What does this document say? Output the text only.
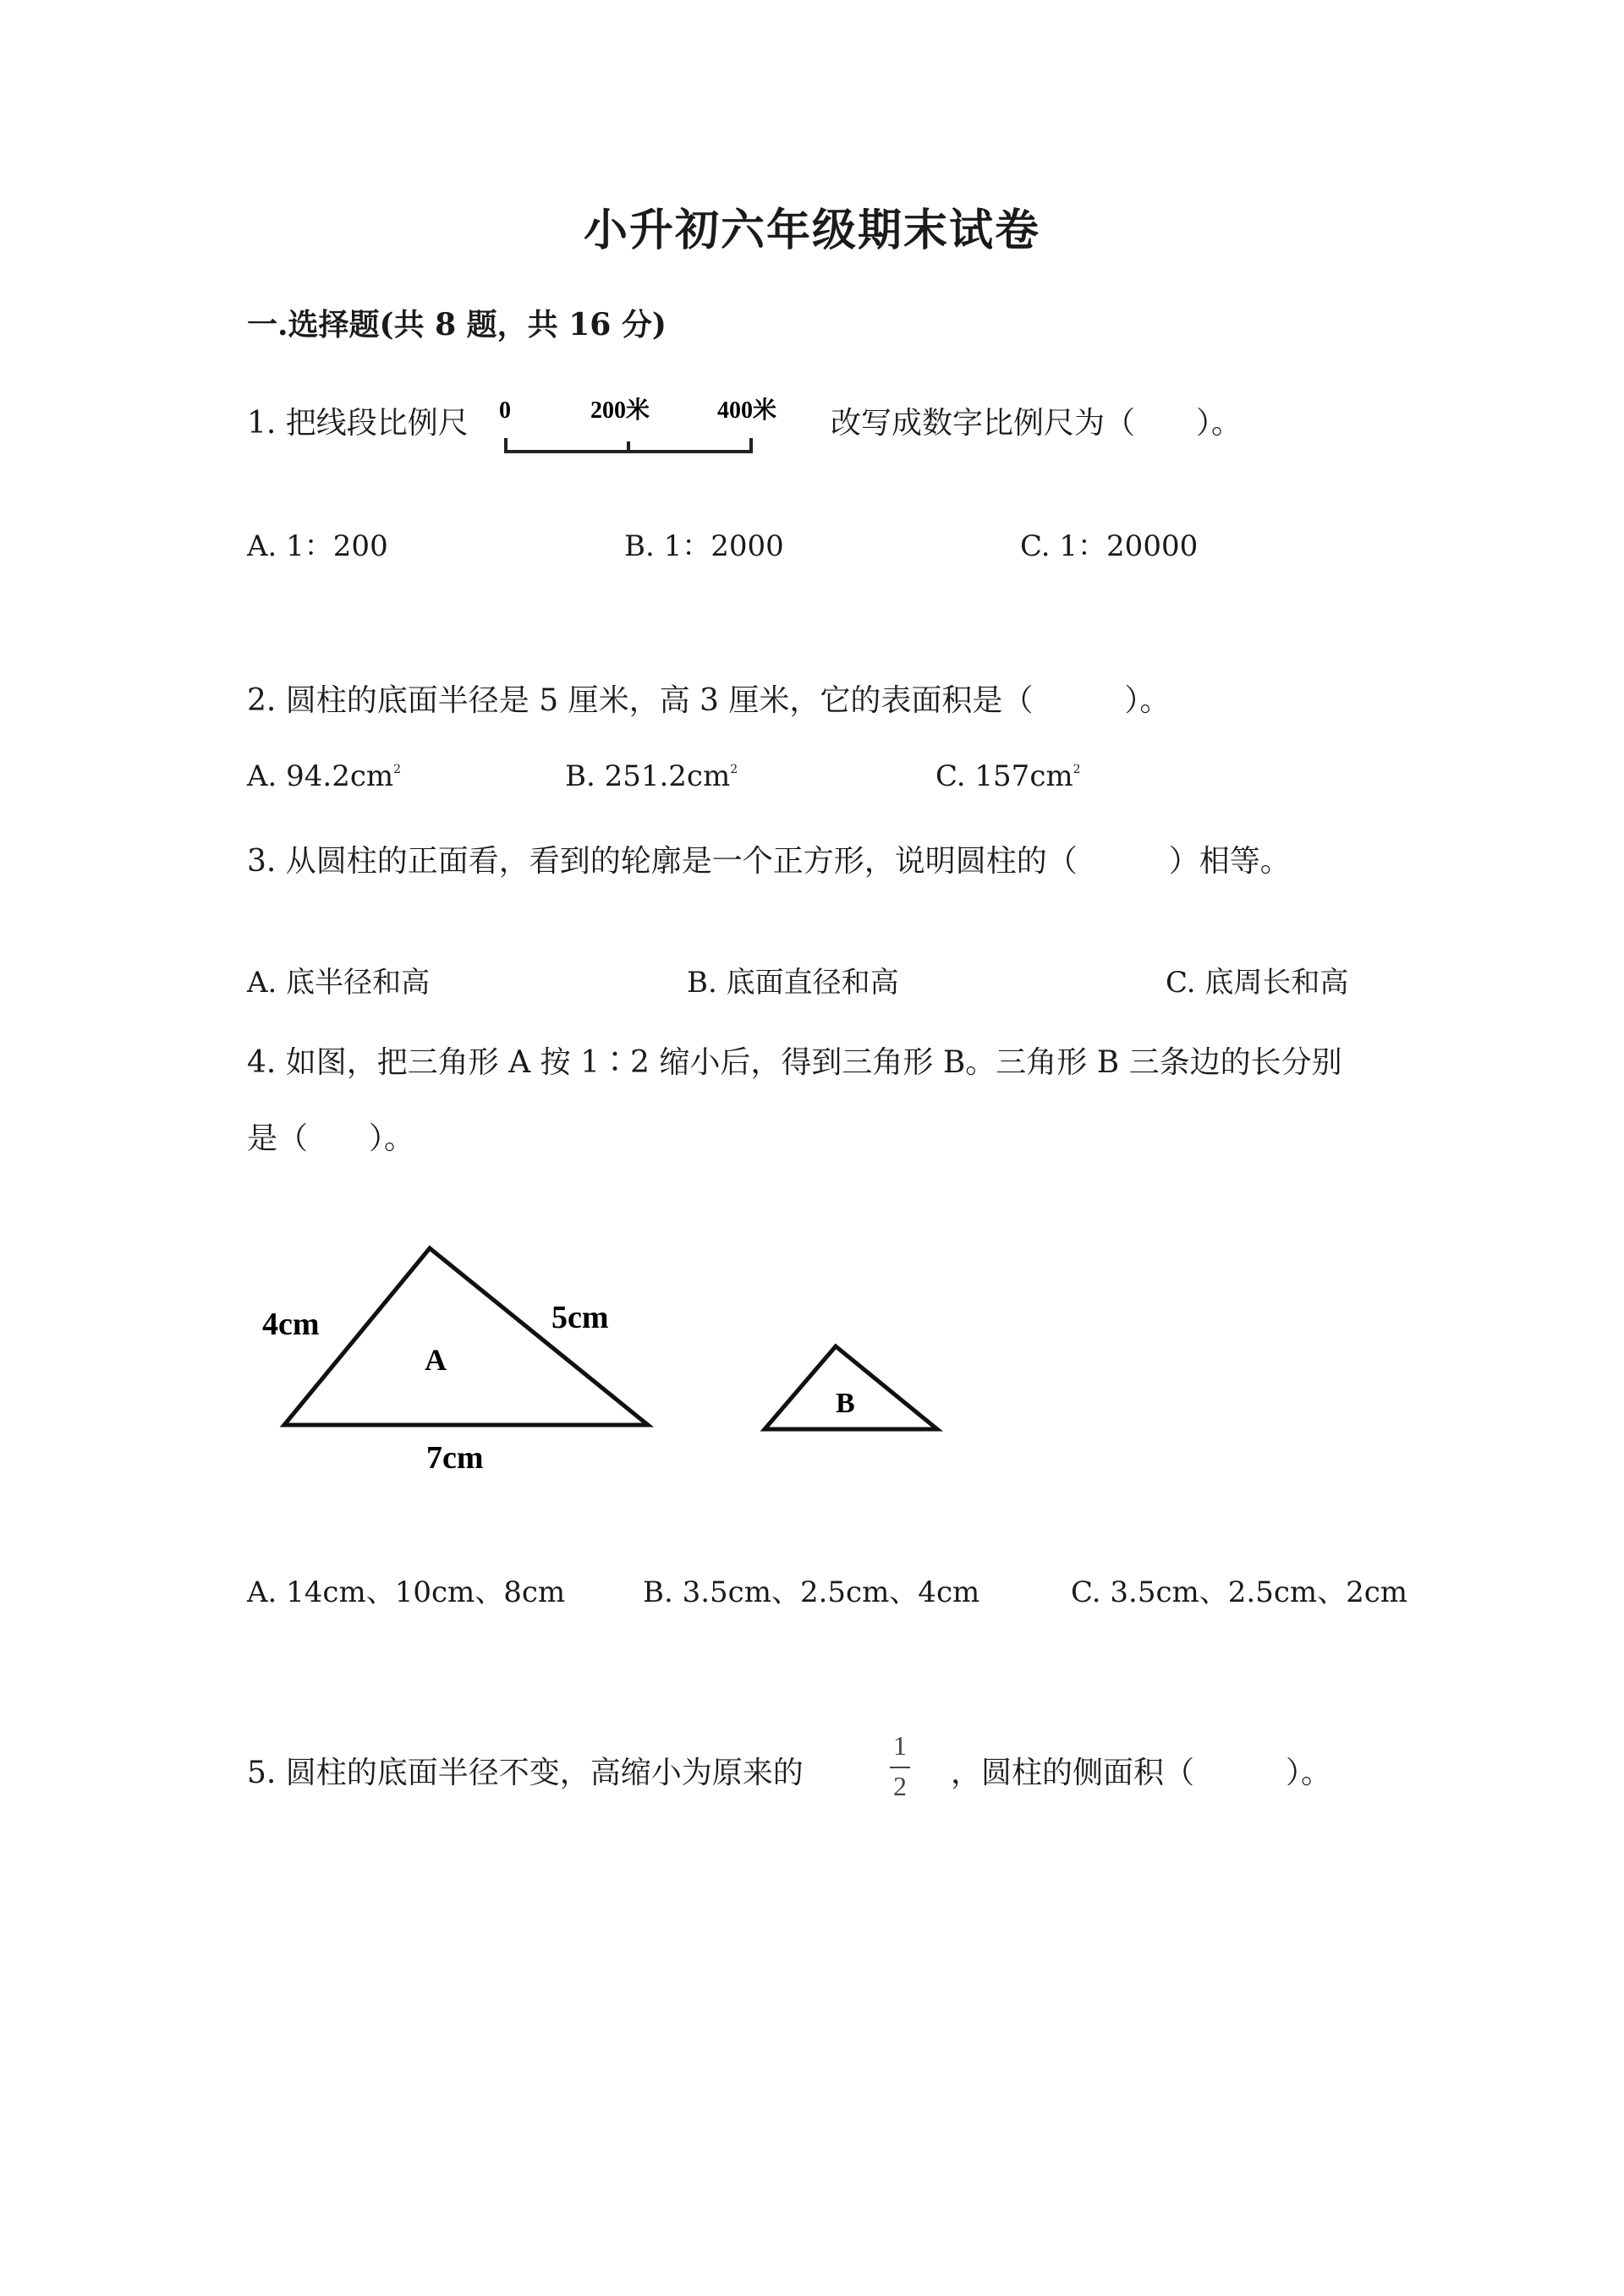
小升初六年级期末试卷
一.选择题(共 8 题，共 16 分)
1. 把线段比例尺 0	200米	400米 改写成数字比例尺为（　　）。
A. 1：200	B. 1：2000	C. 1：20000
2. 圆柱的底面半径是 5 厘米，高 3 厘米，它的表面积是（　　　）。
A. $94.2cm^2$	B. $251.2cm^2$	C. $157cm^2$
3. 从圆柱的正面看，看到的轮廓是一个正方形，说明圆柱的（　　　）相等。
A. 底半径和高	B. 底面直径和高	C. 底周长和高
4. 如图，把三角形 A 按 1∶2 缩小后，得到三角形 B。三角形 B 三条边的长分别
是（　　）。
4cm	5cm
A
7cm
B
A. 14cm、10cm、8cm	B. 3.5cm、2.5cm、4cm	C. 3.5cm、2.5cm、2cm
5. 圆柱的底面半径不变，高缩小为原来的
1
2	，圆柱的侧面积（　　　）。
